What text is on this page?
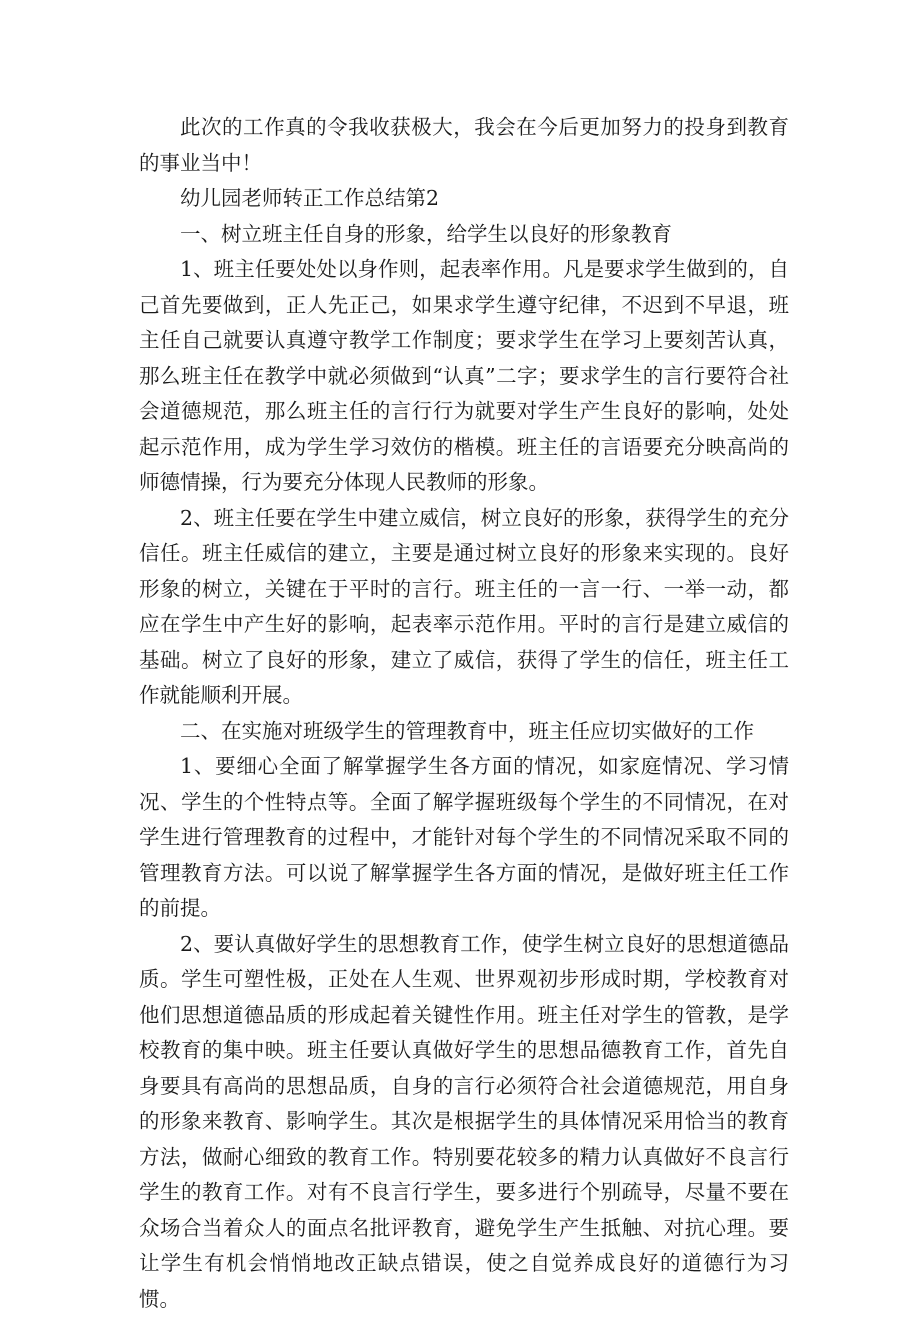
此次的工作真的令我收获极大，我会在今后更加努力的投身到教育的事业当中！

幼儿园老师转正工作总结第2

一、树立班主任自身的形象，给学生以良好的形象教育

1、班主任要处处以身作则，起表率作用。凡是要求学生做到的，自己首先要做到，正人先正己，如果求学生遵守纪律，不迟到不早退，班主任自己就要认真遵守教学工作制度；要求学生在学习上要刻苦认真，那么班主任在教学中就必须做到“认真”二字；要求学生的言行要符合社会道德规范，那么班主任的言行行为就要对学生产生良好的影响，处处起示范作用，成为学生学习效仿的楷模。班主任的言语要充分映高尚的师德情操，行为要充分体现人民教师的形象。

2、班主任要在学生中建立威信，树立良好的形象，获得学生的充分信任。班主任威信的建立，主要是通过树立良好的形象来实现的。良好形象的树立，关键在于平时的言行。班主任的一言一行、一举一动，都应在学生中产生好的影响，起表率示范作用。平时的言行是建立威信的基础。树立了良好的形象，建立了威信，获得了学生的信任，班主任工作就能顺利开展。

二、在实施对班级学生的管理教育中，班主任应切实做好的工作

1、要细心全面了解掌握学生各方面的情况，如家庭情况、学习情况、学生的个性特点等。全面了解学握班级每个学生的不同情况，在对学生进行管理教育的过程中，才能针对每个学生的不同情况采取不同的管理教育方法。可以说了解掌握学生各方面的情况，是做好班主任工作的前提。

2、要认真做好学生的思想教育工作，使学生树立良好的思想道德品质。学生可塑性极，正处在人生观、世界观初步形成时期，学校教育对他们思想道德品质的形成起着关键性作用。班主任对学生的管教，是学校教育的集中映。班主任要认真做好学生的思想品德教育工作，首先自身要具有高尚的思想品质，自身的言行必须符合社会道德规范，用自身的形象来教育、影响学生。其次是根据学生的具体情况采用恰当的教育方法，做耐心细致的教育工作。特别要花较多的精力认真做好不良言行学生的教育工作。对有不良言行学生，要多进行个别疏导，尽量不要在众场合当着众人的面点名批评教育，避免学生产生抵触、对抗心理。要让学生有机会悄悄地改正缺点错误，使之自觉养成良好的道德行为习惯。
